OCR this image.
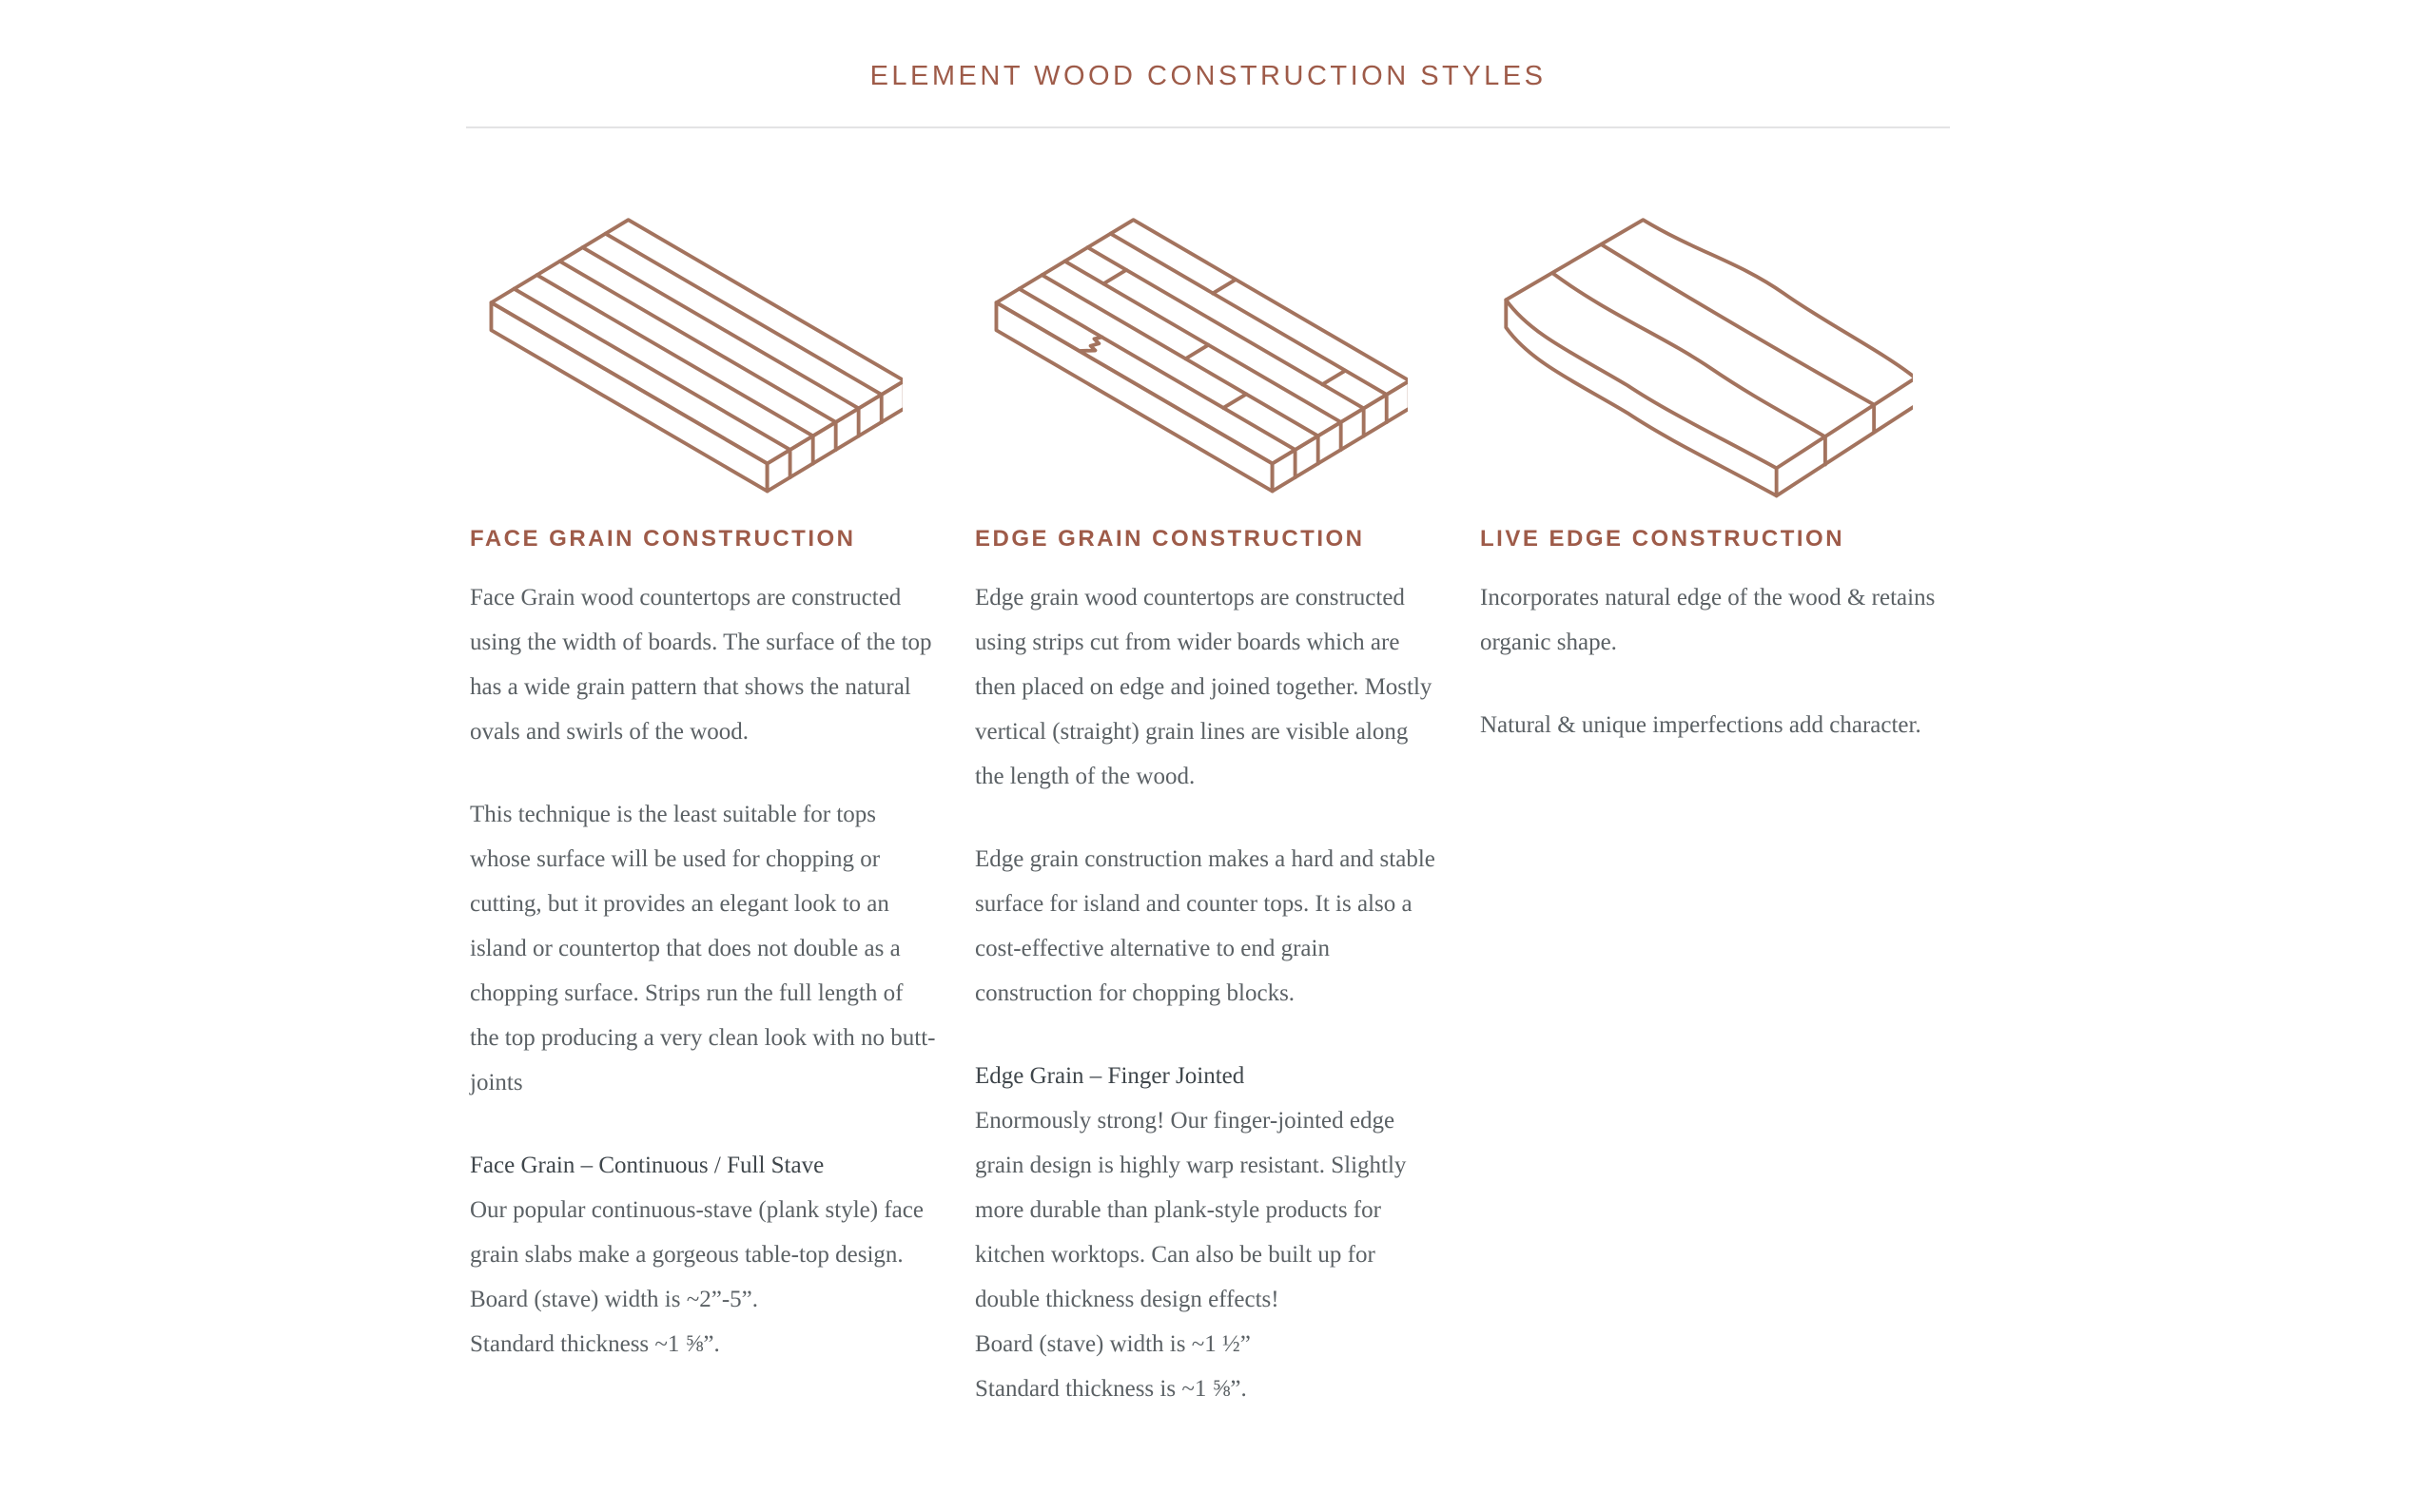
ELEMENT WOOD CONSTRUCTION STYLES
FACE GRAIN CONSTRUCTION

Face Grain wood countertops are constructed using the width of boards. The surface of the top has a wide grain pattern that shows the natural ovals and swirls of the wood.

This technique is the least suitable for tops whose surface will be used for chopping or cutting, but it provides an elegant look to an island or countertop that does not double as a chopping surface. Strips run the full length of the top producing a very clean look with no butt-joints

Face Grain – Continuous / Full Stave

Our popular continuous-stave (plank style) face grain slabs make a gorgeous table-top design.
Board (stave) width is ~2”-5”.
Standard thickness ~1 ⅝”.

EDGE GRAIN CONSTRUCTION

Edge grain wood countertops are constructed using strips cut from wider boards which are then placed on edge and joined together. Mostly vertical (straight) grain lines are visible along the length of the wood.

Edge grain construction makes a hard and stable surface for island and counter tops. It is also a cost-effective alternative to end grain construction for chopping blocks.

Edge Grain – Finger Jointed

Enormously strong! Our finger-jointed edge grain design is highly warp resistant. Slightly more durable than plank-style products for kitchen worktops. Can also be built up for double thickness design effects!
Board (stave) width is ~1 ½”
Standard thickness is ~1 ⅝”.

LIVE EDGE CONSTRUCTION

Incorporates natural edge of the wood & retains organic shape.

Natural & unique imperfections add character.
